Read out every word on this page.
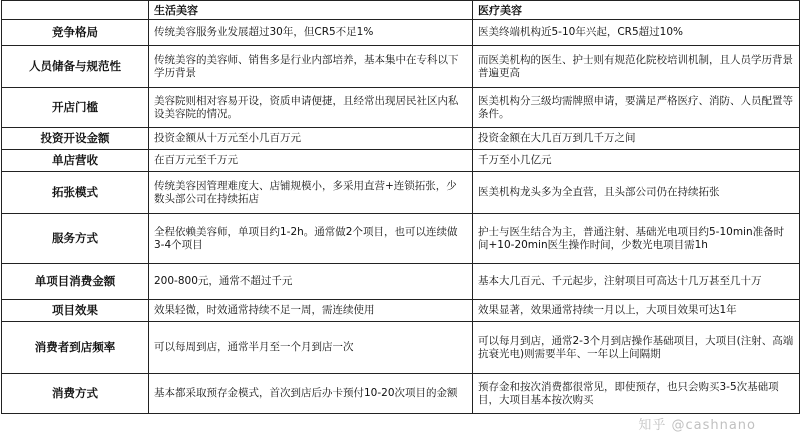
	生活美容	医疗美容
竞争格局	传统美容服务业发展超过30年，但CR5不足1%	医美终端机构近5-10年兴起，CR5超过10%
人员储备与规范性	传统美容的美容师、销售多是行业内部培养，基本集中在专科以下学历背景	而医美机构的医生、护士则有规范化院校培训机制，且人员学历背景普遍更高
开店门槛	美容院则相对容易开设，资质申请便捷，且经常出现居民社区内私设美容院的情况。	医美机构分三级均需牌照申请，要满足严格医疗、消防、人员配置等条件。
投资开设金额	投资金额从十万元至小几百万元	投资金额在大几百万到几千万之间
单店营收	在百万元至千万元	千万至小几亿元
拓张模式	传统美容因管理难度大、店铺规模小，多采用直营+连锁拓张，少数头部公司在持续拓店	医美机构龙头多为全直营，且头部公司仍在持续拓张
服务方式	全程依赖美容师，单项目约1-2h。通常做2个项目，也可以连续做3-4个项目	护士与医生结合为主，普通注射、基础光电项目约5-10min准备时间+10-20min医生操作时间，少数光电项目需1h
单项目消费金额	200-800元，通常不超过千元	基本大几百元、千元起步，注射项目可高达十几万甚至几十万
项目效果	效果轻微，时效通常持续不足一周，需连续使用	效果显著，效果通常持续一月以上，大项目效果可达1年
消费者到店频率	可以每周到店，通常半月至一个月到店一次	可以每月到店，通常2-3个月到店操作基础项目，大项目(注射、高端抗衰光电)则需要半年、一年以上间隔期
消费方式	基本都采取预存金模式，首次到店后办卡预付10-20次项目的金额	预存金和按次消费都很常见，即使预存，也只会购买3-5次基础项目，大项目基本按次购买
知乎 @cashnano
